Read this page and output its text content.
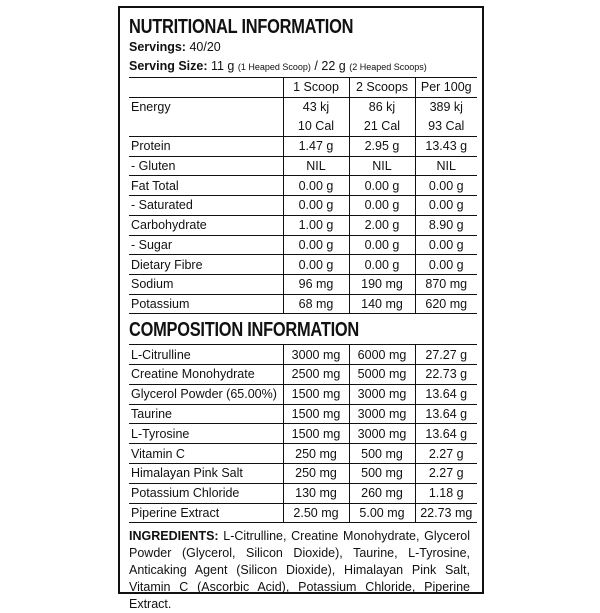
NUTRITIONAL INFORMATION
Servings: 40/20
Serving Size: 11 g (1 Heaped Scoop) / 22 g (2 Heaped Scoops)
	1 Scoop	2 Scoops	Per 100g
Energy	43 kj	86 kj	389 kj
	10 Cal	21 Cal	93 Cal
Protein	1.47 g	2.95 g	13.43 g
- Gluten	NIL	NIL	NIL
Fat Total	0.00 g	0.00 g	0.00 g
- Saturated	0.00 g	0.00 g	0.00 g
Carbohydrate	1.00 g	2.00 g	8.90 g
- Sugar	0.00 g	0.00 g	0.00 g
Dietary Fibre	0.00 g	0.00 g	0.00 g
Sodium	96 mg	190 mg	870 mg
Potassium	68 mg	140 mg	620 mg
COMPOSITION INFORMATION
L-Citrulline	3000 mg	6000 mg	27.27 g
Creatine Monohydrate	2500 mg	5000 mg	22.73 g
Glycerol Powder (65.00%)	1500 mg	3000 mg	13.64 g
Taurine	1500 mg	3000 mg	13.64 g
L-Tyrosine	1500 mg	3000 mg	13.64 g
Vitamin C	250 mg	500 mg	2.27 g
Himalayan Pink Salt	250 mg	500 mg	2.27 g
Potassium Chloride	130 mg	260 mg	1.18 g
Piperine Extract	2.50 mg	5.00 mg	22.73 mg

INGREDIENTS: L-Citrulline, Creatine Monohydrate, Glycerol Powder (Glycerol, Silicon Dioxide), Taurine, L-Tyrosine, Anticaking Agent (Silicon Dioxide), Himalayan Pink Salt, Vitamin C (Ascorbic Acid), Potassium Chloride, Piperine Extract.
